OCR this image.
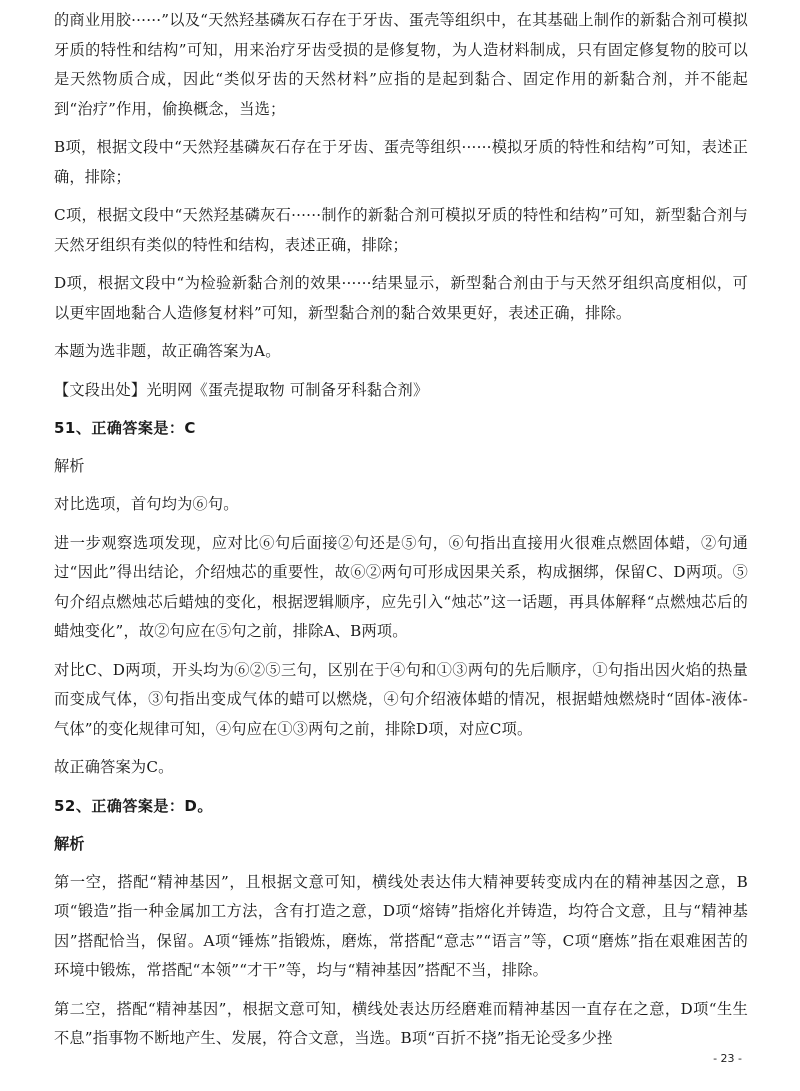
的商业用胶······”以及“天然羟基磷灰石存在于牙齿、蛋壳等组织中，在其基础上制作的新黏合剂可模拟牙质的特性和结构”可知，用来治疗牙齿受损的是修复物，为人造材料制成，只有固定修复物的胶可以是天然物质合成，因此“类似牙齿的天然材料”应指的是起到黏合、固定作用的新黏合剂，并不能起到“治疗”作用，偷换概念，当选；

B项，根据文段中“天然羟基磷灰石存在于牙齿、蛋壳等组织······模拟牙质的特性和结构”可知，表述正确，排除；

C项，根据文段中“天然羟基磷灰石······制作的新黏合剂可模拟牙质的特性和结构”可知，新型黏合剂与天然牙组织有类似的特性和结构，表述正确，排除；

D项，根据文段中“为检验新黏合剂的效果······结果显示，新型黏合剂由于与天然牙组织高度相似，可以更牢固地黏合人造修复材料”可知，新型黏合剂的黏合效果更好，表述正确，排除。

本题为选非题，故正确答案为A。

【文段出处】光明网《蛋壳提取物 可制备牙科黏合剂》

51、正确答案是：C

解析

对比选项，首句均为⑥句。

进一步观察选项发现，应对比⑥句后面接②句还是⑤句，⑥句指出直接用火很难点燃固体蜡，②句通过“因此”得出结论，介绍烛芯的重要性，故⑥②两句可形成因果关系，构成捆绑，保留C、D两项。⑤句介绍点燃烛芯后蜡烛的变化，根据逻辑顺序，应先引入“烛芯”这一话题，再具体解释“点燃烛芯后的蜡烛变化”，故②句应在⑤句之前，排除A、B两项。

对比C、D两项，开头均为⑥②⑤三句，区别在于④句和①③两句的先后顺序，①句指出因火焰的热量而变成气体，③句指出变成气体的蜡可以燃烧，④句介绍液体蜡的情况，根据蜡烛燃烧时“固体-液体-气体”的变化规律可知，④句应在①③两句之前，排除D项，对应C项。

故正确答案为C。

52、正确答案是：D。

解析

第一空，搭配“精神基因”，且根据文意可知，横线处表达伟大精神要转变成内在的精神基因之意，B项“锻造”指一种金属加工方法，含有打造之意，D项“熔铸”指熔化并铸造，均符合文意，且与“精神基因”搭配恰当，保留。A项“锤炼”指锻炼，磨炼，常搭配“意志”“语言”等，C项“磨炼”指在艰难困苦的环境中锻炼，常搭配“本领”“才干”等，均与“精神基因”搭配不当，排除。

第二空，搭配“精神基因”，根据文意可知，横线处表达历经磨难而精神基因一直存在之意，D项“生生不息”指事物不断地产生、发展，符合文意，当选。B项“百折不挠”指无论受多少挫

- 23 -
